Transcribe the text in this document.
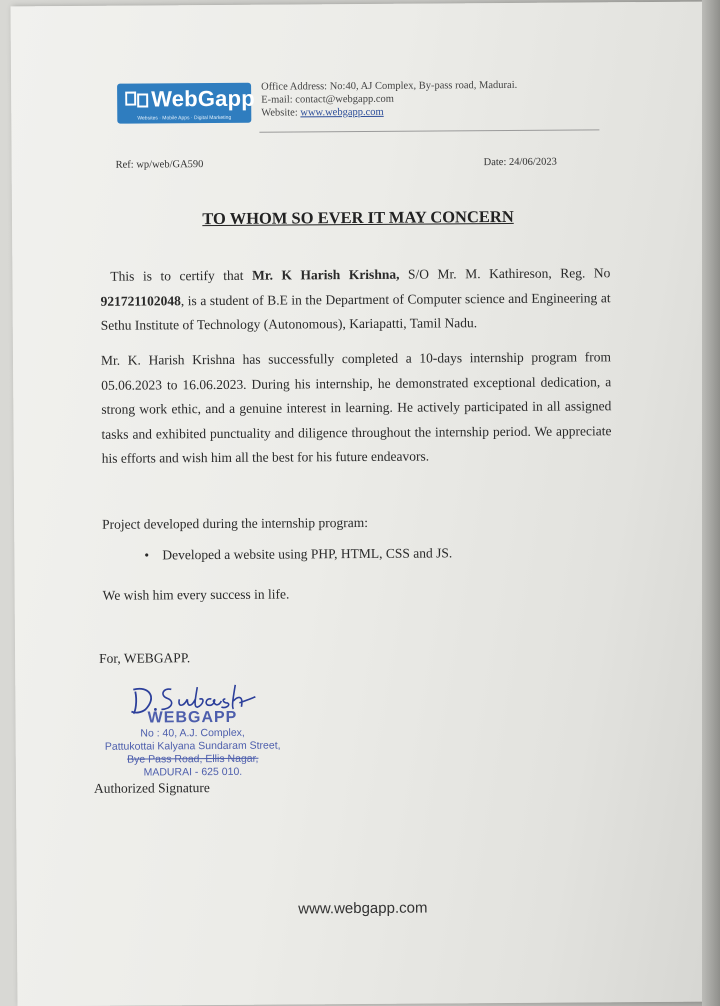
WebGapp
Websites · Mobile Apps · Digital Marketing
Office Address: No:40, AJ Complex, By-pass road, Madurai.
E-mail: contact@webgapp.com
Website: www.webgapp.com
Ref: wp/web/GA590	Date: 24/06/2023
TO WHOM SO EVER IT MAY CONCERN
This is to certify that Mr. K Harish Krishna, S/O Mr. M. Kathireson, Reg. No 921721102048, is a student of B.E in the Department of Computer science and Engineering at Sethu Institute of Technology (Autonomous), Kariapatti, Tamil Nadu.
Mr. K. Harish Krishna has successfully completed a 10-days internship program from 05.06.2023 to 16.06.2023. During his internship, he demonstrated exceptional dedication, a strong work ethic, and a genuine interest in learning. He actively participated in all assigned tasks and exhibited punctuality and diligence throughout the internship period. We appreciate his efforts and wish him all the best for his future endeavors.
Project developed during the internship program:
• Developed a website using PHP, HTML, CSS and JS.
We wish him every success in life.
For, WEBGAPP.
WEBGAPP
No : 40, A.J. Complex,
Pattukottai Kalyana Sundaram Street,
Bye Pass Road, Ellis Nagar,
MADURAI - 625 010.
Authorized Signature
www.webgapp.com
